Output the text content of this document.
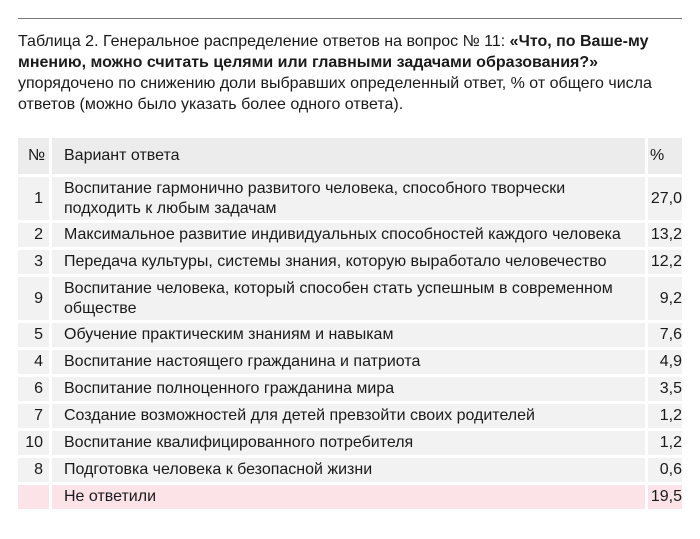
Таблица 2. Генеральное распределение ответов на вопрос № 11: «Что, по Ваше-му мнению, можно считать целями или главными задачами образования?» упорядочено по снижению доли выбравших определенный ответ, % от общего числа ответов (можно было указать более одного ответа).
№	Вариант ответа	%
1	Воспитание гармонично развитого человека, способного творчески подходить к любым задачам	27,0
2	Максимальное развитие индивидуальных способностей каждого человека	13,2
3	Передача культуры, системы знания, которую выработало человечество	12,2
9	Воспитание человека, который способен стать успешным в современном обществе	9,2
5	Обучение практическим знаниям и навыкам	7,6
4	Воспитание настоящего гражданина и патриота	4,9
6	Воспитание полноценного гражданина мира	3,5
7	Создание возможностей для детей превзойти своих родителей	1,2
10	Воспитание квалифицированного потребителя	1,2
8	Подготовка человека к безопасной жизни	0,6
	Не ответили	19,5
